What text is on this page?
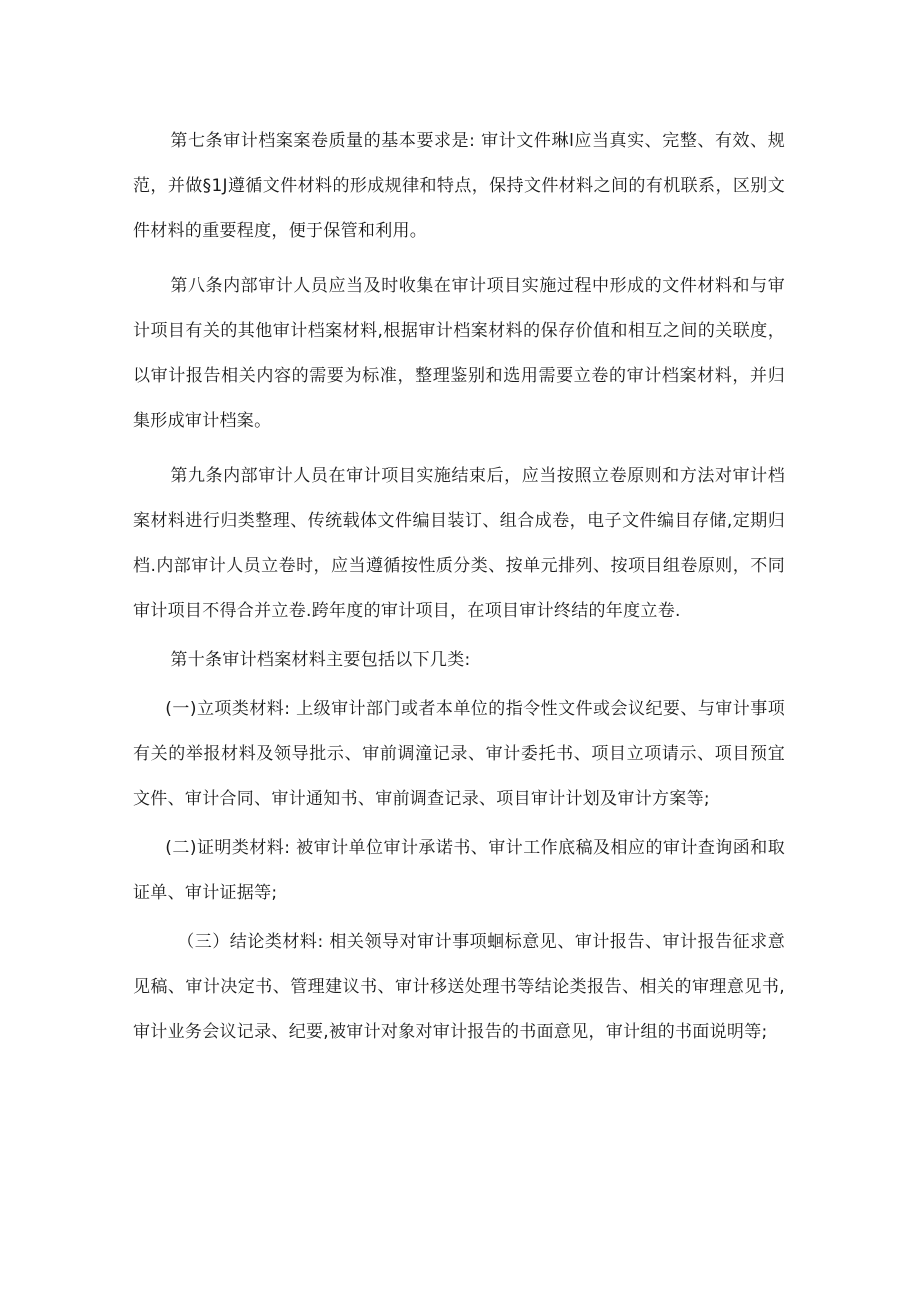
第七条审计档案案卷质量的基本要求是: 审计文件琳l应当真实、完整、有效、规范，并做§1J遵循文件材料的形成规律和特点，保持文件材料之间的有机联系，区别文件材料的重要程度，便于保管和利用。

第八条内部审计人员应当及时收集在审计项目实施过程中形成的文件材料和与审计项目有关的其他审计档案材料,根据审计档案材料的保存价值和相互之间的关联度，以审计报告相关内容的需要为标准，整理鉴别和选用需要立卷的审计档案材料，并归集形成审计档案。

第九条内部审计人员在审计项目实施结束后，应当按照立卷原则和方法对审计档案材料进行归类整理、传统载体文件编目装订、组合成卷，电子文件编目存储,定期归档.内部审计人员立卷时，应当遵循按性质分类、按单元排列、按项目组卷原则，不同审计项目不得合并立卷.跨年度的审计项目，在项目审计终结的年度立卷.

第十条审计档案材料主要包括以下几类:

(一)立项类材料: 上级审计部门或者本单位的指令性文件或会议纪要、与审计事项有关的举报材料及领导批示、审前调潼记录、审计委托书、项目立项请示、项目预宜文件、审计合同、审计通知书、审前调查记录、项目审计计划及审计方案等;

(二)证明类材料: 被审计单位审计承诺书、审计工作底稿及相应的审计查询函和取证单、审计证据等;

（三）结论类材料: 相关领导对审计事项蛔标意见、审计报告、审计报告征求意见稿、审计决定书、管理建议书、审计移送处理书等结论类报告、相关的审理意见书,审计业务会议记录、纪要,被审计对象对审计报告的书面意见，审计组的书面说明等;
